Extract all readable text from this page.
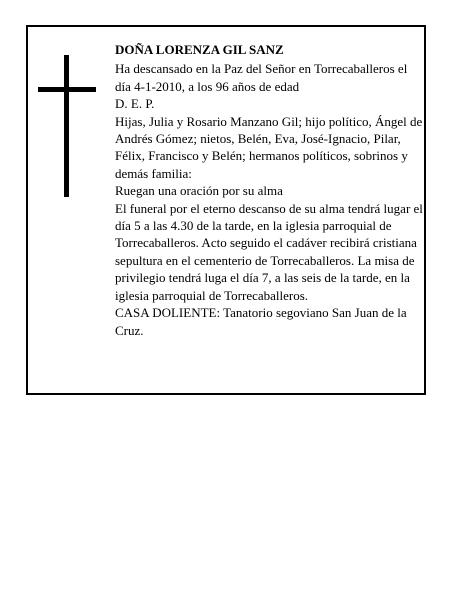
DOÑA LORENZA GIL SANZ

Ha descansado en la Paz del Señor en Torrecaballeros el día 4-1-2010, a los 96 años de edad

D. E. P.

Hijas, Julia y Rosario Manzano Gil; hijo político, Ángel de Andrés Gómez; nietos, Belén, Eva, José-Ignacio, Pilar, Félix, Francisco y Belén; hermanos políticos, sobrinos y demás familia:

Ruegan una oración por su alma

El funeral por el eterno descanso de su alma tendrá lugar el día 5 a las 4.30 de la tarde, en la iglesia parroquial de Torrecaballeros. Acto seguido el cadáver recibirá cristiana sepultura en el cementerio de Torrecaballeros. La misa de privilegio tendrá luga el día 7, a las seis de la tarde, en la iglesia parroquial de Torrecaballeros.

CASA DOLIENTE: Tanatorio segoviano San Juan de la Cruz.
